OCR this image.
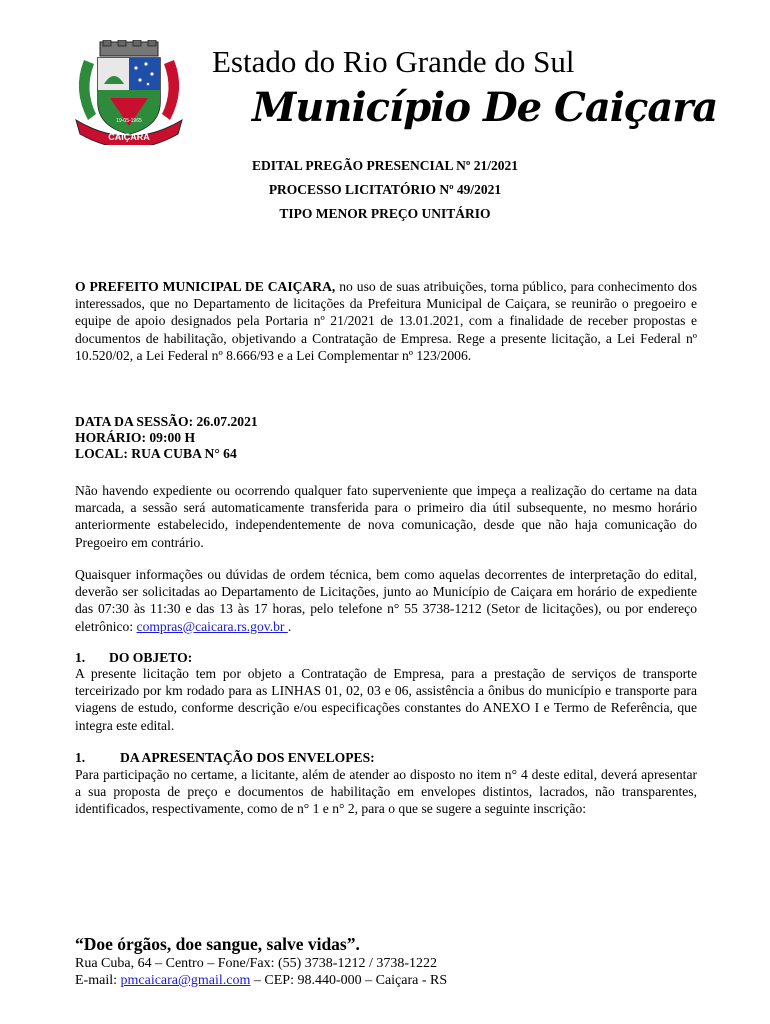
CAIÇARA
19-05-1965
Estado do Rio Grande do Sul
Município De Caiçara
EDITAL PREGÃO PRESENCIAL Nº 21/2021
PROCESSO LICITATÓRIO Nº 49/2021
TIPO MENOR PREÇO UNITÁRIO
O PREFEITO MUNICIPAL DE CAIÇARA, no uso de suas atribuições, torna público, para conhecimento dos interessados, que no Departamento de licitações da Prefeitura Municipal de Caiçara, se reunirão o pregoeiro e equipe de apoio designados pela Portaria nº 21/2021 de 13.01.2021, com a finalidade de receber propostas e documentos de habilitação, objetivando a Contratação de Empresa. Rege a presente licitação, a Lei Federal nº 10.520/02, a Lei Federal nº 8.666/93 e a Lei Complementar nº 123/2006.
DATA DA SESSÃO: 26.07.2021
HORÁRIO: 09:00 H
LOCAL: RUA CUBA N° 64
Não havendo expediente ou ocorrendo qualquer fato superveniente que impeça a realização do certame na data marcada, a sessão será automaticamente transferida para o primeiro dia útil subsequente, no mesmo horário anteriormente estabelecido, independentemente de nova comunicação, desde que não haja comunicação do Pregoeiro em contrário.
Quaisquer informações ou dúvidas de ordem técnica, bem como aquelas decorrentes de interpretação do edital, deverão ser solicitadas ao Departamento de Licitações, junto ao Município de Caiçara em horário de expediente das 07:30 às 11:30 e das 13 às 17 horas, pelo telefone n° 55 3738-1212 (Setor de licitações), ou por endereço eletrônico: compras@caicara.rs.gov.br .
1. DO OBJETO:
A presente licitação tem por objeto a Contratação de Empresa, para a prestação de serviços de transporte terceirizado por km rodado para as LINHAS 01, 02, 03 e 06, assistência a ônibus do município e transporte para viagens de estudo, conforme descrição e/ou especificações constantes do ANEXO I e Termo de Referência, que integra este edital.
1.	DA APRESENTAÇÃO DOS ENVELOPES:
Para participação no certame, a licitante, além de atender ao disposto no item n° 4 deste edital, deverá apresentar a sua proposta de preço e documentos de habilitação em envelopes distintos, lacrados, não transparentes, identificados, respectivamente, como de n° 1 e n° 2, para o que se sugere a seguinte inscrição:
“Doe órgãos, doe sangue, salve vidas”.
Rua Cuba, 64 – Centro – Fone/Fax: (55) 3738-1212 / 3738-1222
E-mail: pmcaicara@gmail.com – CEP: 98.440-000 – Caiçara - RS
